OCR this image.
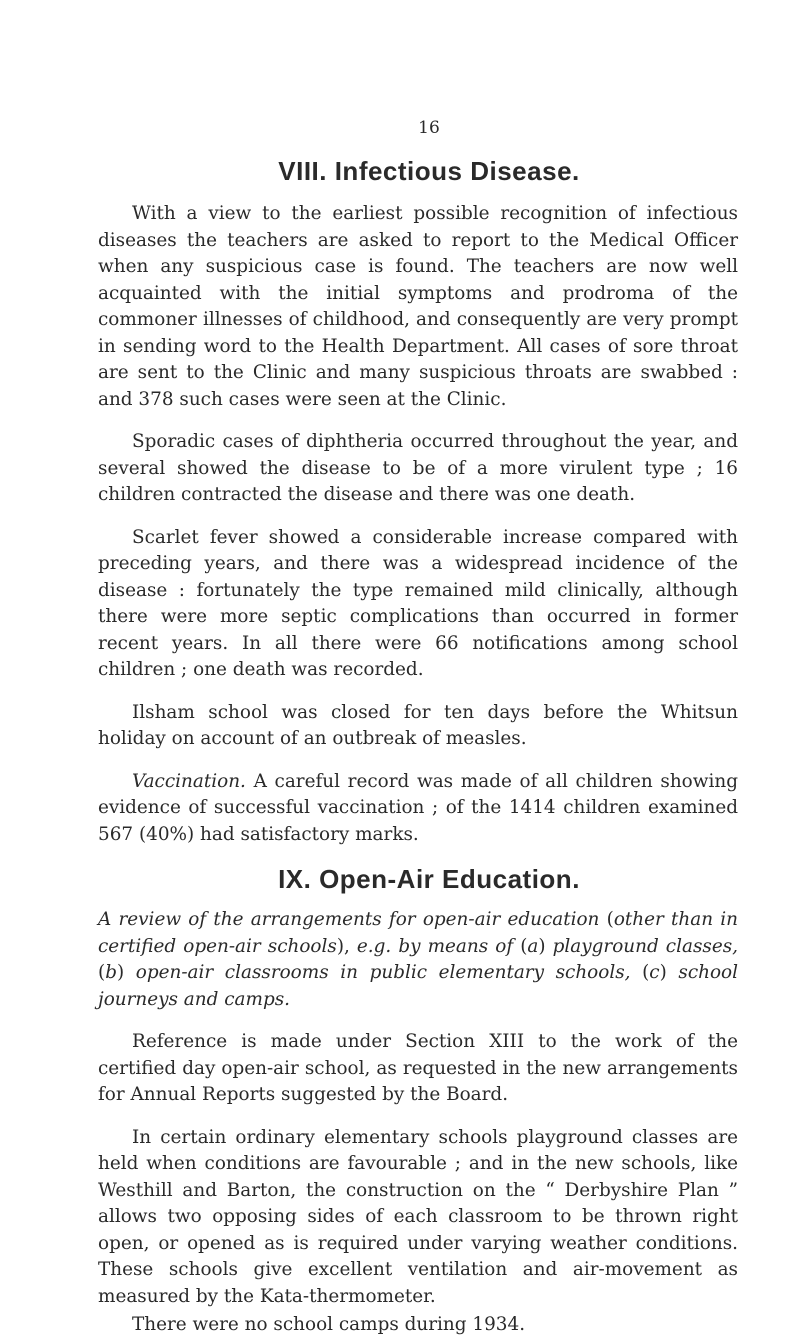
16
VIII. Infectious Disease.

With a view to the earliest possible recognition of infectious diseases the teachers are asked to report to the Medical Officer when any suspicious case is found. The teachers are now well acquainted with the initial symptoms and prodroma of the commoner illnesses of childhood, and consequently are very prompt in sending word to the Health Department. All cases of sore throat are sent to the Clinic and many suspicious throats are swabbed : and 378 such cases were seen at the Clinic.

Sporadic cases of diphtheria occurred throughout the year, and several showed the disease to be of a more virulent type ; 16 children contracted the disease and there was one death.

Scarlet fever showed a considerable increase compared with preceding years, and there was a widespread incidence of the disease : fortunately the type remained mild clinically, although there were more septic complications than occurred in former recent years. In all there were 66 notifications among school children ; one death was recorded.

Ilsham school was closed for ten days before the Whitsun holiday on account of an outbreak of measles.

Vaccination. A careful record was made of all children showing evidence of successful vaccination ; of the 1414 children examined 567 (40%) had satisfactory marks.

IX. Open-Air Education.

A review of the arrangements for open-air education (other than in certified open-air schools), e.g. by means of (a) playground classes, (b) open-air classrooms in public elementary schools, (c) school journeys and camps.

Reference is made under Section XIII to the work of the certified day open-air school, as requested in the new arrangements for Annual Reports suggested by the Board.

In certain ordinary elementary schools playground classes are held when conditions are favourable ; and in the new schools, like Westhill and Barton, the construction on the “ Derbyshire Plan ” allows two opposing sides of each classroom to be thrown right open, or opened as is required under varying weather conditions. These schools give excellent ventilation and air-movement as measured by the Kata-thermometer.

There were no school camps during 1934.
